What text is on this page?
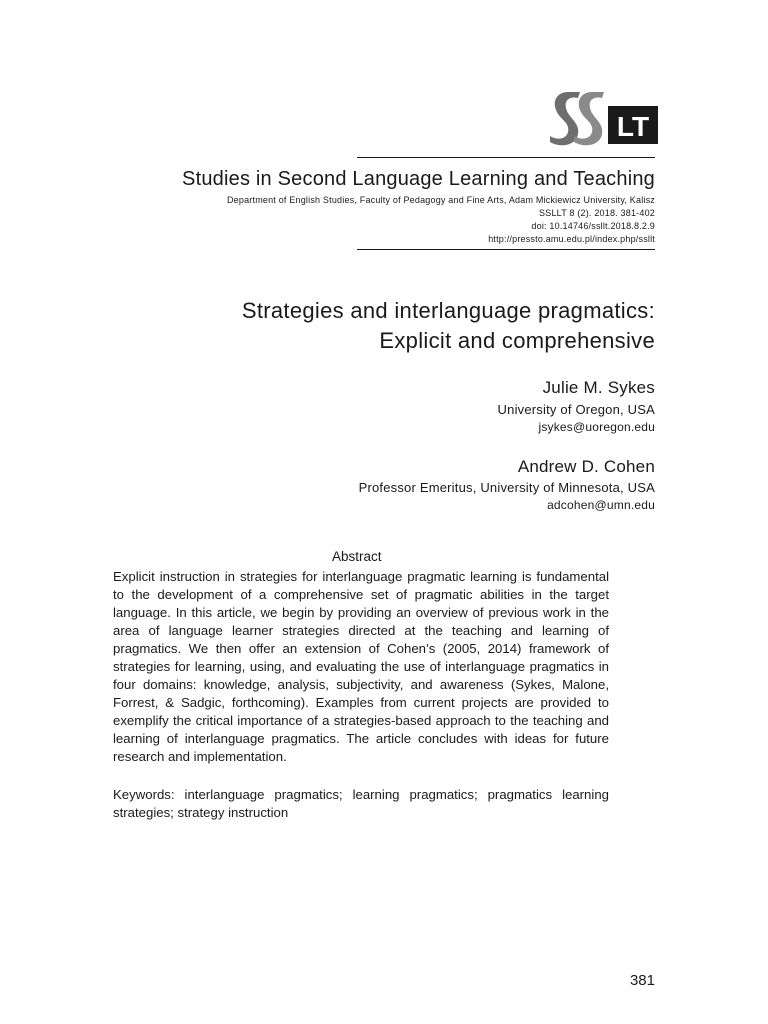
LT
Studies in Second Language Learning and Teaching
Department of English Studies, Faculty of Pedagogy and Fine Arts, Adam Mickiewicz University, Kalisz
SSLLT 8 (2). 2018. 381-402
doi: 10.14746/ssllt.2018.8.2.9
http://pressto.amu.edu.pl/index.php/ssllt
Strategies and interlanguage pragmatics:
Explicit and comprehensive
Julie M. Sykes
University of Oregon, USA
jsykes@uoregon.edu
Andrew D. Cohen
Professor Emeritus, University of Minnesota, USA
adcohen@umn.edu
Abstract
Explicit instruction in strategies for interlanguage pragmatic learning is fundamental to the development of a comprehensive set of pragmatic abilities in the target language. In this article, we begin by providing an overview of previous work in the area of language learner strategies directed at the teaching and learning of pragmatics. We then offer an extension of Cohen’s (2005, 2014) framework of strategies for learning, using, and evaluating the use of interlanguage pragmatics in four domains: knowledge, analysis, subjectivity, and awareness (Sykes, Malone, Forrest, & Sadgic, forthcoming). Examples from current projects are provided to exemplify the critical importance of a strategies-based approach to the teaching and learning of interlanguage pragmatics. The article concludes with ideas for future research and implementation.
Keywords: interlanguage pragmatics; learning pragmatics; pragmatics learning strategies; strategy instruction
381
